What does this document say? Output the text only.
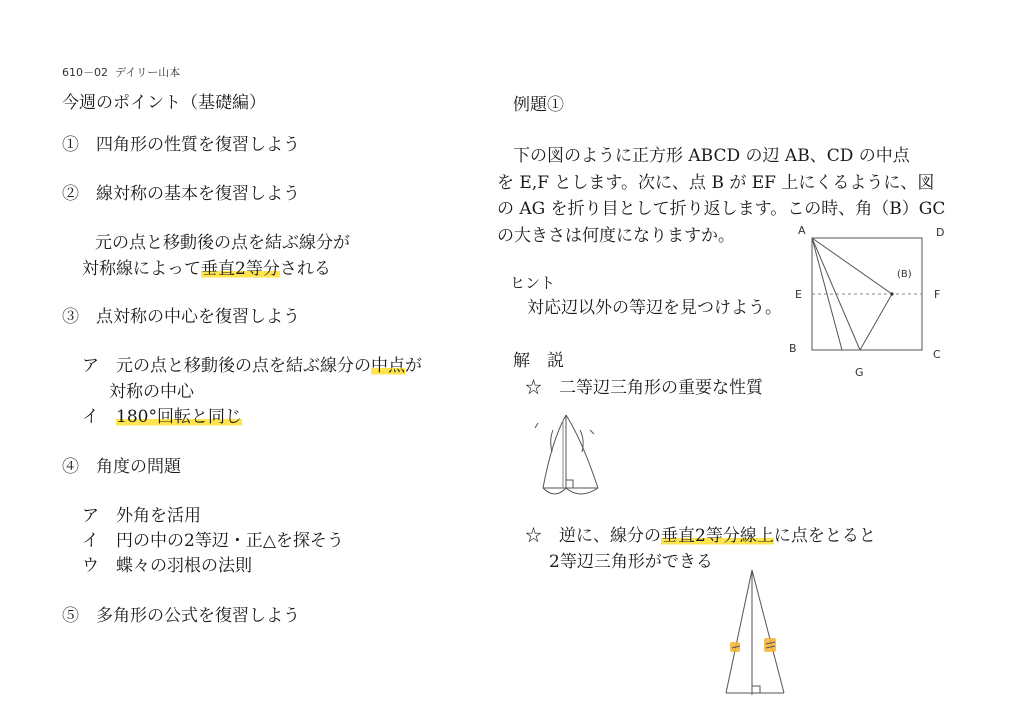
610－02 デイリー山本
今週のポイント（基礎編）
①　四角形の性質を復習しよう
②　線対称の基本を復習しよう
元の点と移動後の点を結ぶ線分が
対称線によって垂直2等分される
③　点対称の中心を復習しよう
ア　元の点と移動後の点を結ぶ線分の中点が
対称の中心
イ　180°回転と同じ
④　角度の問題
ア　外角を活用
イ　円の中の2等辺・正△を探そう
ウ　蝶々の羽根の法則
⑤　多角形の公式を復習しよう
例題①
下の図のように正方形 ABCD の辺 AB、CD の中点
を E,F とします。次に、点 B が EF 上にくるように、図
の AG を折り目として折り返します。この時、角（B）GC
の大きさは何度になりますか。
ヒント
対応辺以外の等辺を見つけよう。
解　説
☆　二等辺三角形の重要な性質
☆　逆に、線分の垂直2等分線上に点をとると
2等辺三角形ができる
A	D
E	F
(B)
B	C
G
